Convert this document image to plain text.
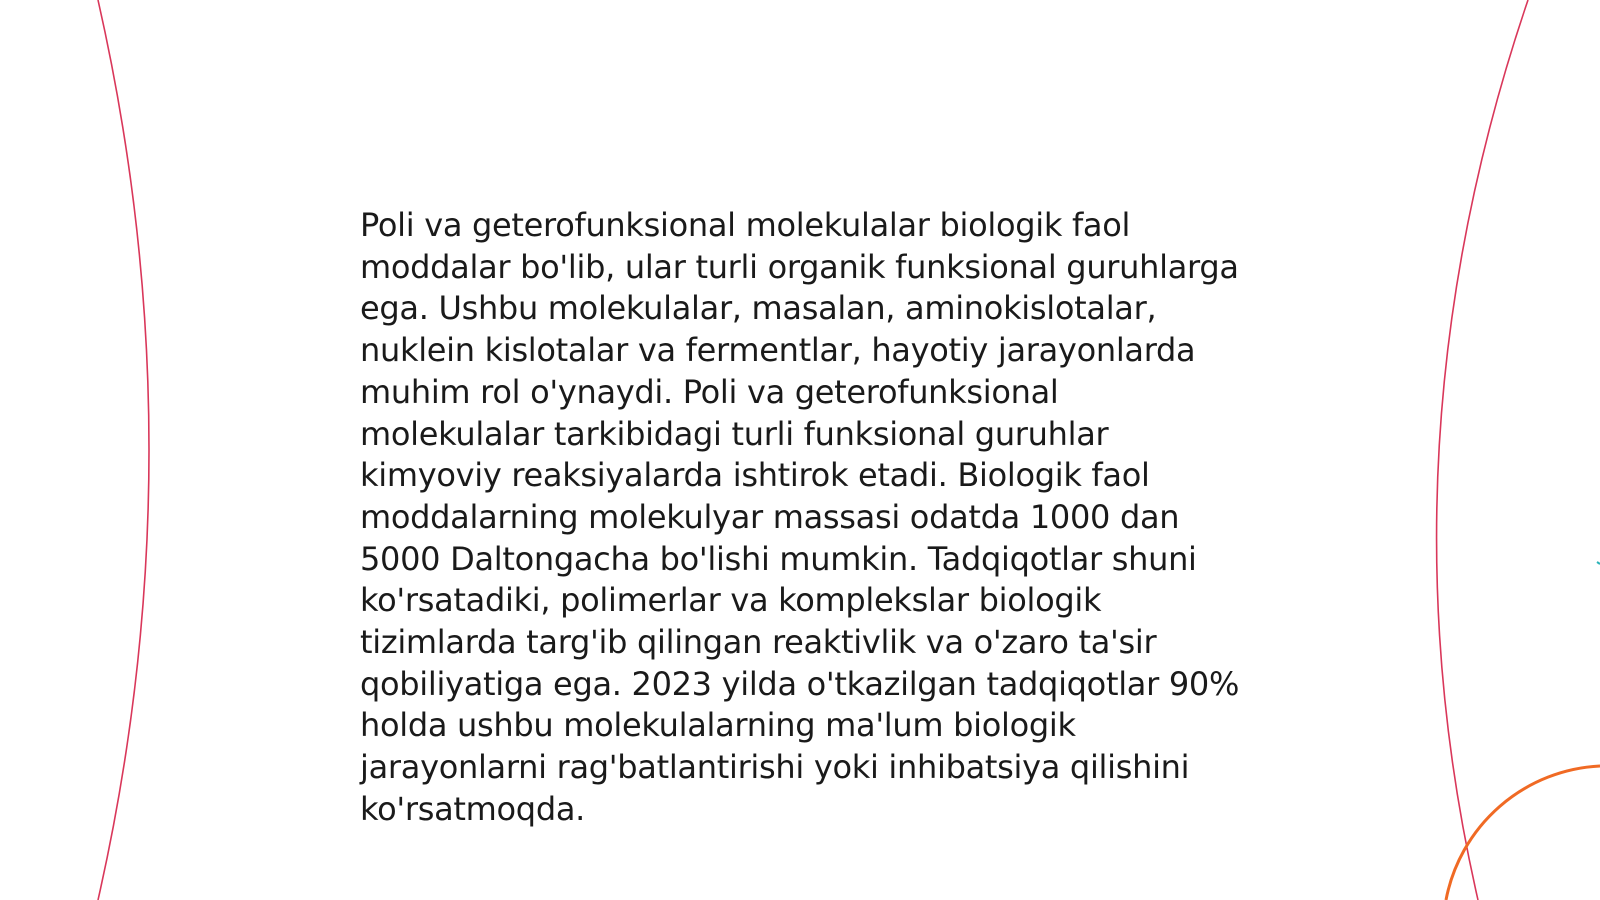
Poli va geterofunksional molekulalar biologik faol moddalar bo'lib, ular turli organik funksional guruhlarga ega. Ushbu molekulalar, masalan, aminokislotalar, nuklein kislotalar va fermentlar, hayotiy jarayonlarda muhim rol o'ynaydi. Poli va geterofunksional molekulalar tarkibidagi turli funksional guruhlar kimyoviy reaksiyalarda ishtirok etadi. Biologik faol moddalarning molekulyar massasi odatda 1000 dan 5000 Daltongacha bo'lishi mumkin. Tadqiqotlar shuni ko'rsatadiki, polimerlar va komplekslar biologik tizimlarda targ'ib qilingan reaktivlik va o'zaro ta'sir qobiliyatiga ega. 2023 yilda o'tkazilgan tadqiqotlar 90% holda ushbu molekulalarning ma'lum biologik jarayonlarni rag'batlantirishi yoki inhibatsiya qilishini ko'rsatmoqda.
